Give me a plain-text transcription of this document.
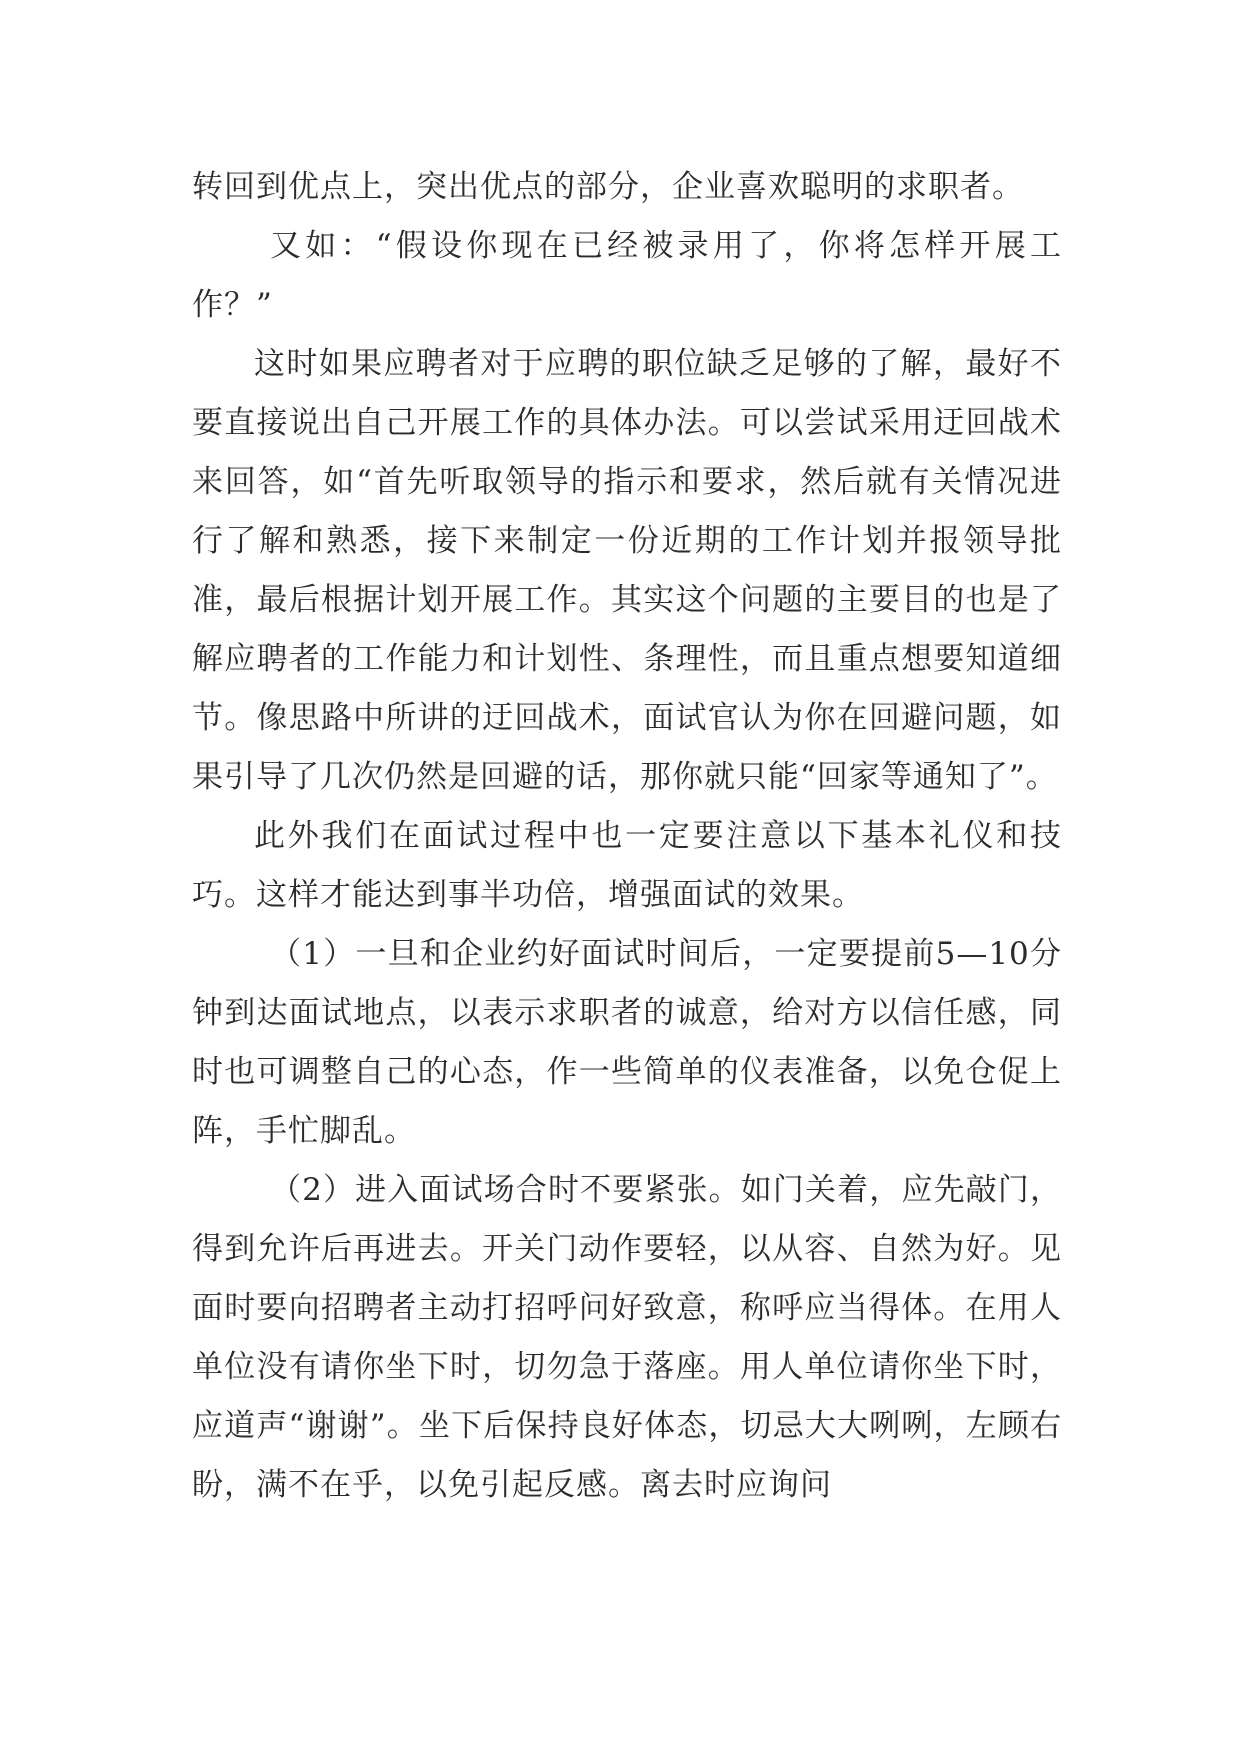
转回到优点上，突出优点的部分，企业喜欢聪明的求职者。

又如：“假设你现在已经被录用了，你将怎样开展工作？”

这时如果应聘者对于应聘的职位缺乏足够的了解，最好不要直接说出自己开展工作的具体办法。可以尝试采用迂回战术来回答，如“首先听取领导的指示和要求，然后就有关情况进行了解和熟悉，接下来制定一份近期的工作计划并报领导批准，最后根据计划开展工作。其实这个问题的主要目的也是了解应聘者的工作能力和计划性、条理性，而且重点想要知道细节。像思路中所讲的迂回战术，面试官认为你在回避问题，如果引导了几次仍然是回避的话，那你就只能“回家等通知了”。

此外我们在面试过程中也一定要注意以下基本礼仪和技巧。这样才能达到事半功倍，增强面试的效果。

（1）一旦和企业约好面试时间后，一定要提前5—10分钟到达面试地点，以表示求职者的诚意，给对方以信任感，同时也可调整自己的心态，作一些简单的仪表准备，以免仓促上阵，手忙脚乱。

（2）进入面试场合时不要紧张。如门关着，应先敲门，得到允许后再进去。开关门动作要轻，以从容、自然为好。见面时要向招聘者主动打招呼问好致意，称呼应当得体。在用人单位没有请你坐下时，切勿急于落座。用人单位请你坐下时，应道声“谢谢”。坐下后保持良好体态，切忌大大咧咧，左顾右盼，满不在乎，以免引起反感。离去时应询问
